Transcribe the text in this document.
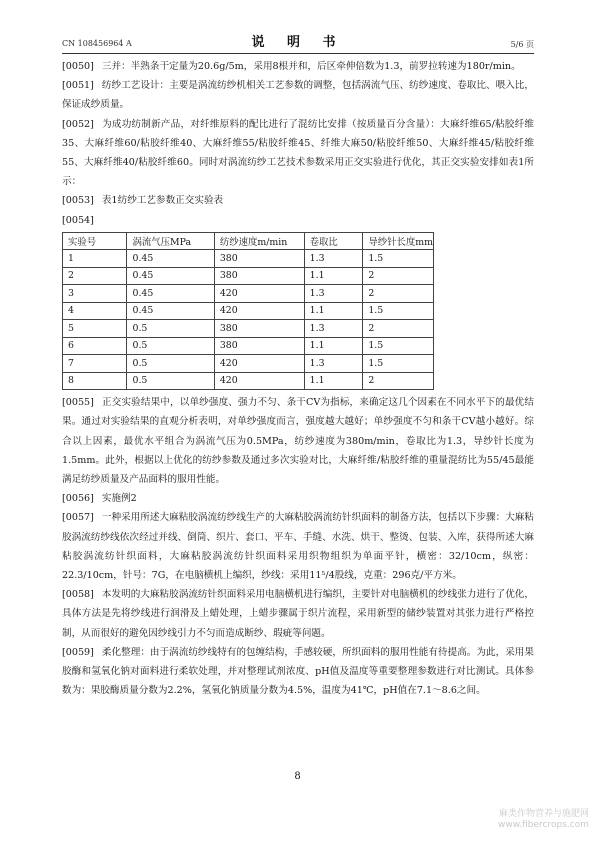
CN 108456964 A	说 明 书	5/6 页

[0050] 三并：半熟条干定量为20.6g/5m，采用8根并和，后区牵伸倍数为1.3，前罗拉转速为180r/min。

[0051] 纺纱工艺设计：主要是涡流纺纱机相关工艺参数的调整，包括涡流气压、纺纱速度、卷取比、喂入比，保证成纱质量。

[0052] 为成功纺制新产品，对纤维原料的配比进行了混纺比安排（按质量百分含量）：大麻纤维65/粘胶纤维35、大麻纤维60/粘胶纤维40、大麻纤维55/粘胶纤维45、纤维大麻50/粘胶纤维50、大麻纤维45/粘胶纤维55、大麻纤维40/粘胶纤维60。同时对涡流纺纱工艺技术参数采用正交实验进行优化，其正交实验安排如表1所示：

[0053] 表1纺纱工艺参数正交实验表

[0054]

实验号	涡流气压MPa	纺纱速度m/min	卷取比	导纱针长度mm
1	0.45	380	1.3	1.5
2	0.45	380	1.1	2
3	0.45	420	1.3	2
4	0.45	420	1.1	1.5
5	0.5	380	1.3	2
6	0.5	380	1.1	1.5
7	0.5	420	1.3	1.5
8	0.5	420	1.1	2

[0055] 正交实验结果中，以单纱强度、强力不匀、条干CV为指标，来确定这几个因素在不同水平下的最优结果。通过对实验结果的直观分析表明，对单纱强度而言，强度越大越好；单纱强度不匀和条干CV越小越好。综合以上因素，最优水平组合为涡流气压为0.5MPa，纺纱速度为380m/min，卷取比为1.3，导纱针长度为1.5mm。此外，根据以上优化的纺纱参数及通过多次实验对比，大麻纤维/粘胶纤维的重量混纺比为55/45最能满足纺纱质量及产品面料的服用性能。

[0056] 实施例2

[0057] 一种采用所述大麻粘胶涡流纺纱线生产的大麻粘胶涡流纺针织面料的制备方法，包括以下步骤：大麻粘胶涡流纺纱线依次经过并线、倒筒、织片、套口、平车、手缝、水洗、烘干、整烫、包装、入库，获得所述大麻粘胶涡流纺针织面料，大麻粘胶涡流纺针织面料采用织物组织为单面平针，横密：32/10cm，纵密：22.3/10cm，针号：7G，在电脑横机上编织，纱线：采用11⁵/4股线，克重：296克/平方米。

[0058] 本发明的大麻粘胶涡流纺针织面料采用电脑横机进行编织，主要针对电脑横机的纱线张力进行了优化，具体方法是先将纱线进行润滑及上蜡处理，上蜡步骤属于织片流程，采用新型的储纱装置对其张力进行严格控制，从而很好的避免因纱线引力不匀而造成断纱、瑕疵等问题。

[0059] 柔化整理：由于涡流纺纱线特有的包缠结构，手感较硬，所织面料的服用性能有待提高。为此，采用果胶酶和氢氧化钠对面料进行柔软处理，并对整理试剂浓度、pH值及温度等重要整理参数进行对比测试。具体参数为：果胶酶质量分数为2.2%，氢氧化钠质量分数为4.5%，温度为41℃，pH值在7.1～8.6之间。

8
麻类作物营养与施肥网
www.fibercrops.com
